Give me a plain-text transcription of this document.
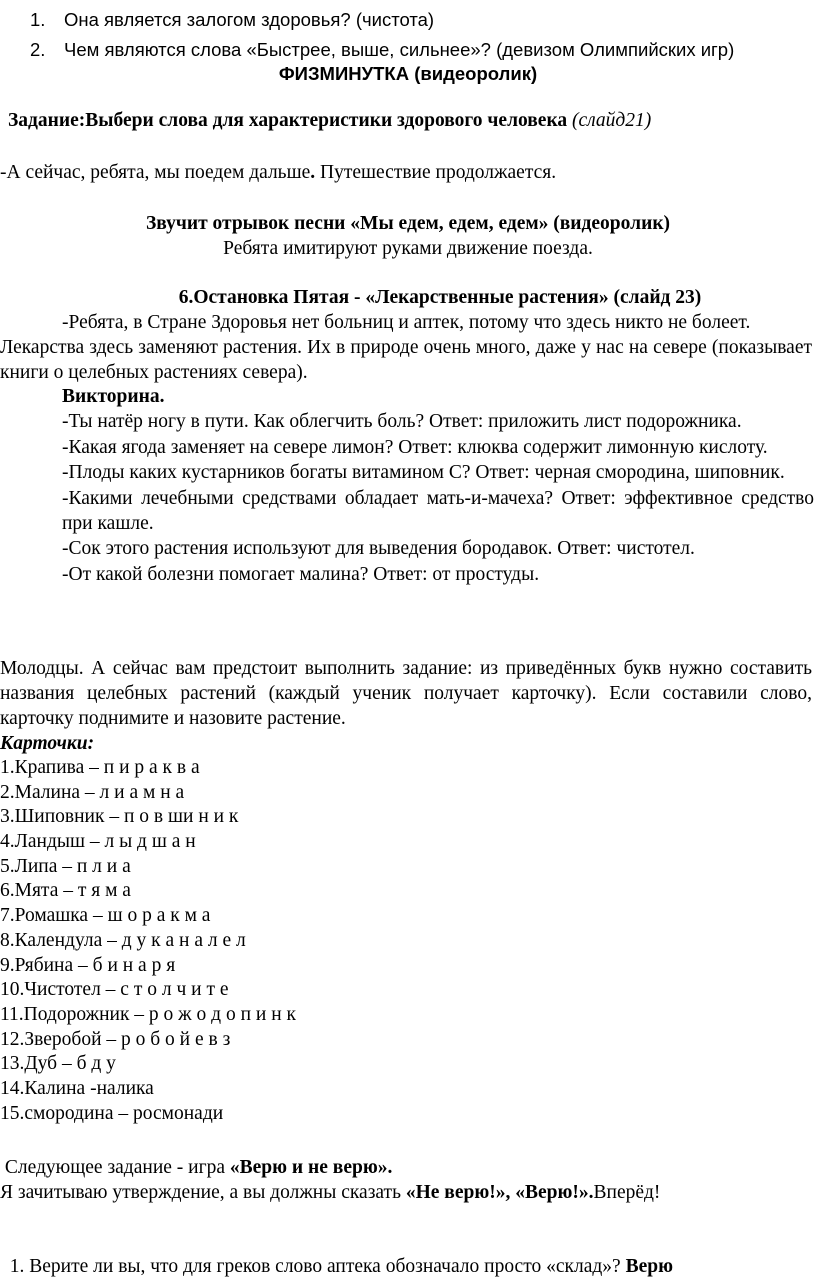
1.	Она является залогом здоровья? (чистота)
2.	Чем являются слова «Быстрее, выше, сильнее»? (девизом Олимпийских игр)
ФИЗМИНУТКА (видеоролик)
Задание:Выбери слова для характеристики здорового человека (слайд21)
-А сейчас, ребята, мы поедем дальше. Путешествие продолжается.
Звучит отрывок песни «Мы едем, едем, едем» (видеоролик)
Ребята имитируют руками движение поезда.
6.Остановка Пятая - «Лекарственные растения» (слайд 23)
-Ребята, в Стране Здоровья нет больниц и аптек, потому что здесь никто не болеет.
Лекарства здесь заменяют растения. Их в природе очень много, даже у нас на севере (показывает книги о целебных растениях севера).
Викторина.
-Ты натёр ногу в пути. Как облегчить боль? Ответ: приложить лист подорожника.
-Какая ягода заменяет на севере лимон? Ответ: клюква содержит лимонную кислоту.
-Плоды каких кустарников богаты витамином С? Ответ: черная смородина, шиповник.
-Какими лечебными средствами обладает мать-и-мачеха? Ответ: эффективное средство при кашле.
-Сок этого растения используют для выведения бородавок. Ответ: чистотел.
-От какой болезни помогает малина? Ответ: от простуды.
Молодцы. А сейчас вам предстоит выполнить задание: из приведённых букв нужно составить названия целебных растений (каждый ученик получает карточку). Если составили слово, карточку поднимите и назовите растение.
Карточки:
1.Крапива – п и р а к в а
2.Малина – л и а м н а
3.Шиповник – п о в ши н и к
4.Ландыш – л ы д ш а н
5.Липа – п л и а
6.Мята – т я м а
7.Ромашка – ш о р а к м а
8.Календула – д у к а н а л е л
9.Рябина – б и н а р я
10.Чистотел – с т о л ч и т е
11.Подорожник – р о ж о д о п и н к
12.Зверобой – р о б о й е в з
13.Дуб – б д у
14.Калина -налика
15.смородина – росмонади
Следующее задание - игра «Верю и не верю».
Я зачитываю утверждение, а вы должны сказать «Не верю!», «Верю!».Вперёд!

1. Верите ли вы, что для греков слово аптека обозначало просто «склад»? Верю
